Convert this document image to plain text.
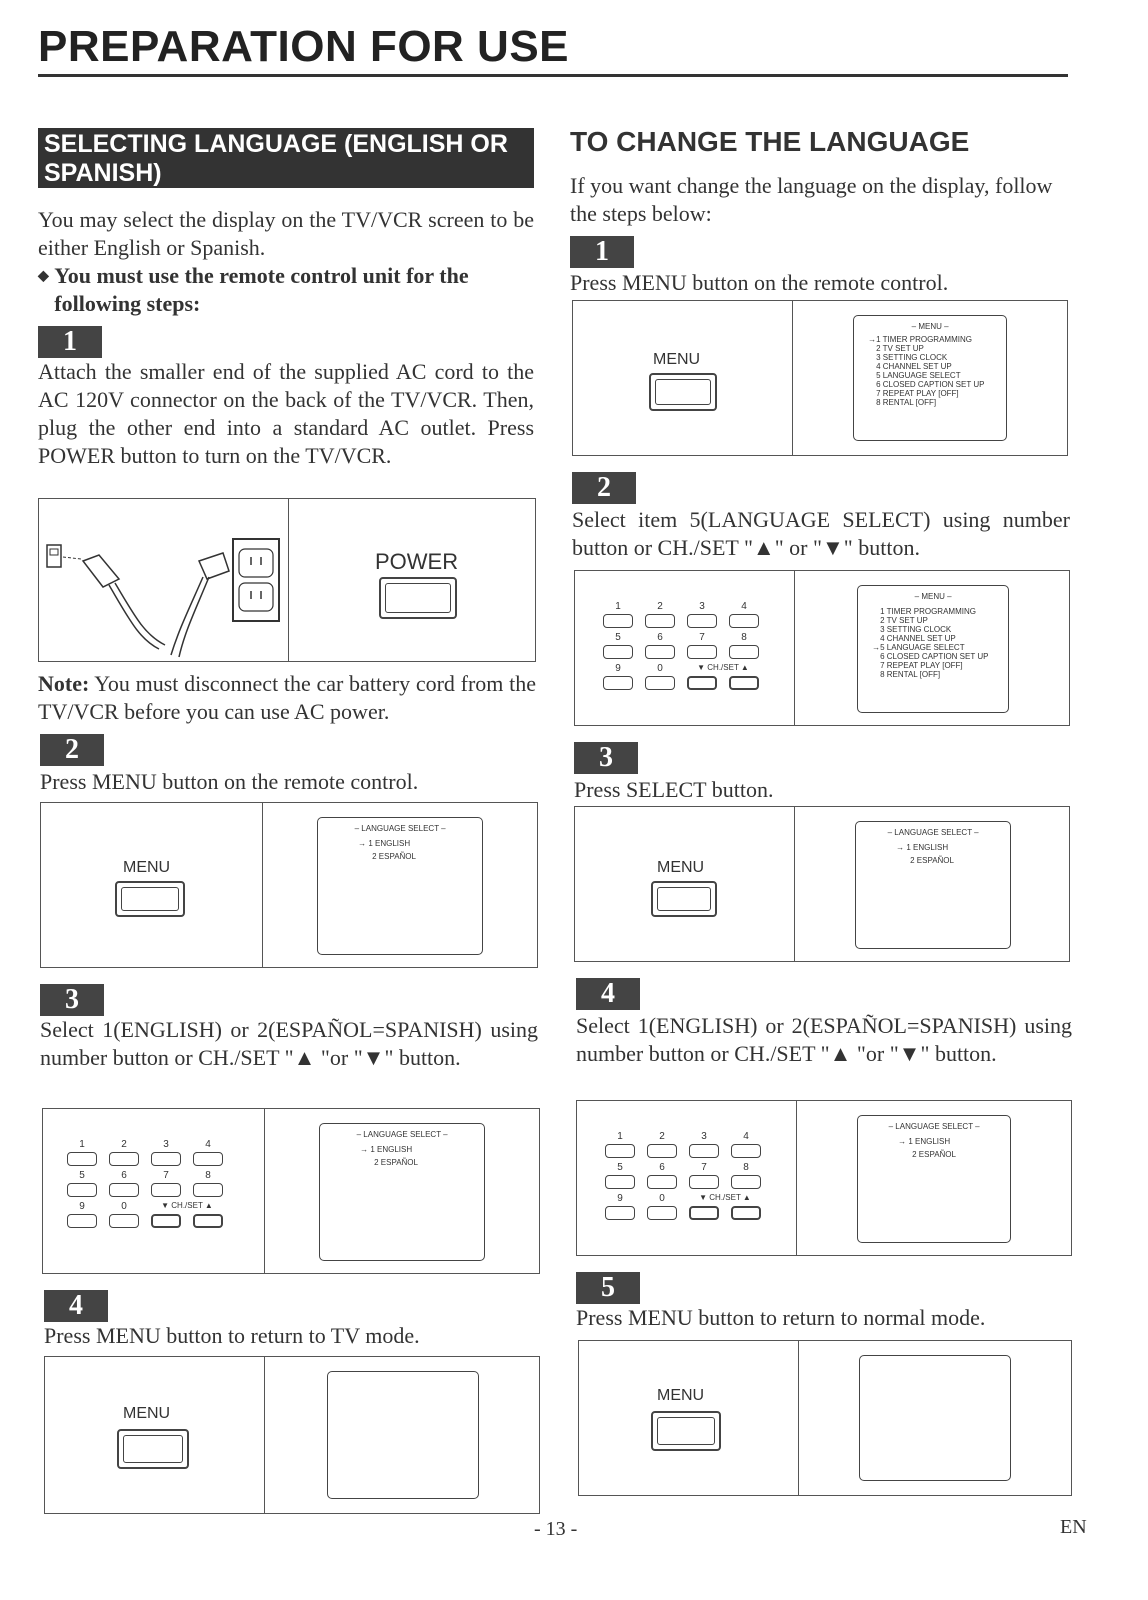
PREPARATION FOR USE
SELECTING LANGUAGE (ENGLISH OR SPANISH)
You may select the display on the TV/VCR screen to be either English or Spanish.
◆ You must use the remote control unit for the following steps:
1
Attach the smaller end of the supplied AC cord to the AC 120V connector on the back of the TV/VCR. Then, plug the other end into a standard AC outlet. Press POWER button to turn on the TV/VCR.
POWER
Note: You must disconnect the car battery cord from the TV/VCR before you can use AC power.
2
Press MENU button on the remote control.
MENU
– LANGUAGE SELECT –
→ 1 ENGLISH
2 ESPAÑOL
3
Select 1(ENGLISH) or 2(ESPAÑOL=SPANISH) using number button or CH./SET "▲ "or "▼" button.
1	2	3	4
5	6	7	8
9	0	▼ CH./SET ▲
– LANGUAGE SELECT –
→ 1 ENGLISH
2 ESPAÑOL
4
Press MENU button to return to TV mode.
MENU
TO CHANGE THE LANGUAGE
If you want change the language on the display, follow the steps below:
1
Press MENU button on the remote control.
MENU
– MENU –
→1 TIMER PROGRAMMING
2 TV SET UP
3 SETTING CLOCK
4 CHANNEL SET UP
5 LANGUAGE SELECT
6 CLOSED CAPTION SET UP
7 REPEAT PLAY [OFF]
8 RENTAL [OFF]
2
Select item 5(LANGUAGE SELECT) using number button or CH./SET "▲" or "▼" button.
1	2	3	4
5	6	7	8
9	0	▼ CH./SET ▲
– MENU –
1 TIMER PROGRAMMING
2 TV SET UP
3 SETTING CLOCK
4 CHANNEL SET UP
→5 LANGUAGE SELECT
6 CLOSED CAPTION SET UP
7 REPEAT PLAY [OFF]
8 RENTAL [OFF]
3
Press SELECT button.
MENU
– LANGUAGE SELECT –
→ 1 ENGLISH
2 ESPAÑOL
4
Select 1(ENGLISH) or 2(ESPAÑOL=SPANISH) using number button or CH./SET "▲ "or "▼" button.
1	2	3	4
5	6	7	8
9	0	▼ CH./SET ▲
– LANGUAGE SELECT –
→ 1 ENGLISH
2 ESPAÑOL
5
Press MENU button to return to normal mode.
MENU
- 13 -	EN
